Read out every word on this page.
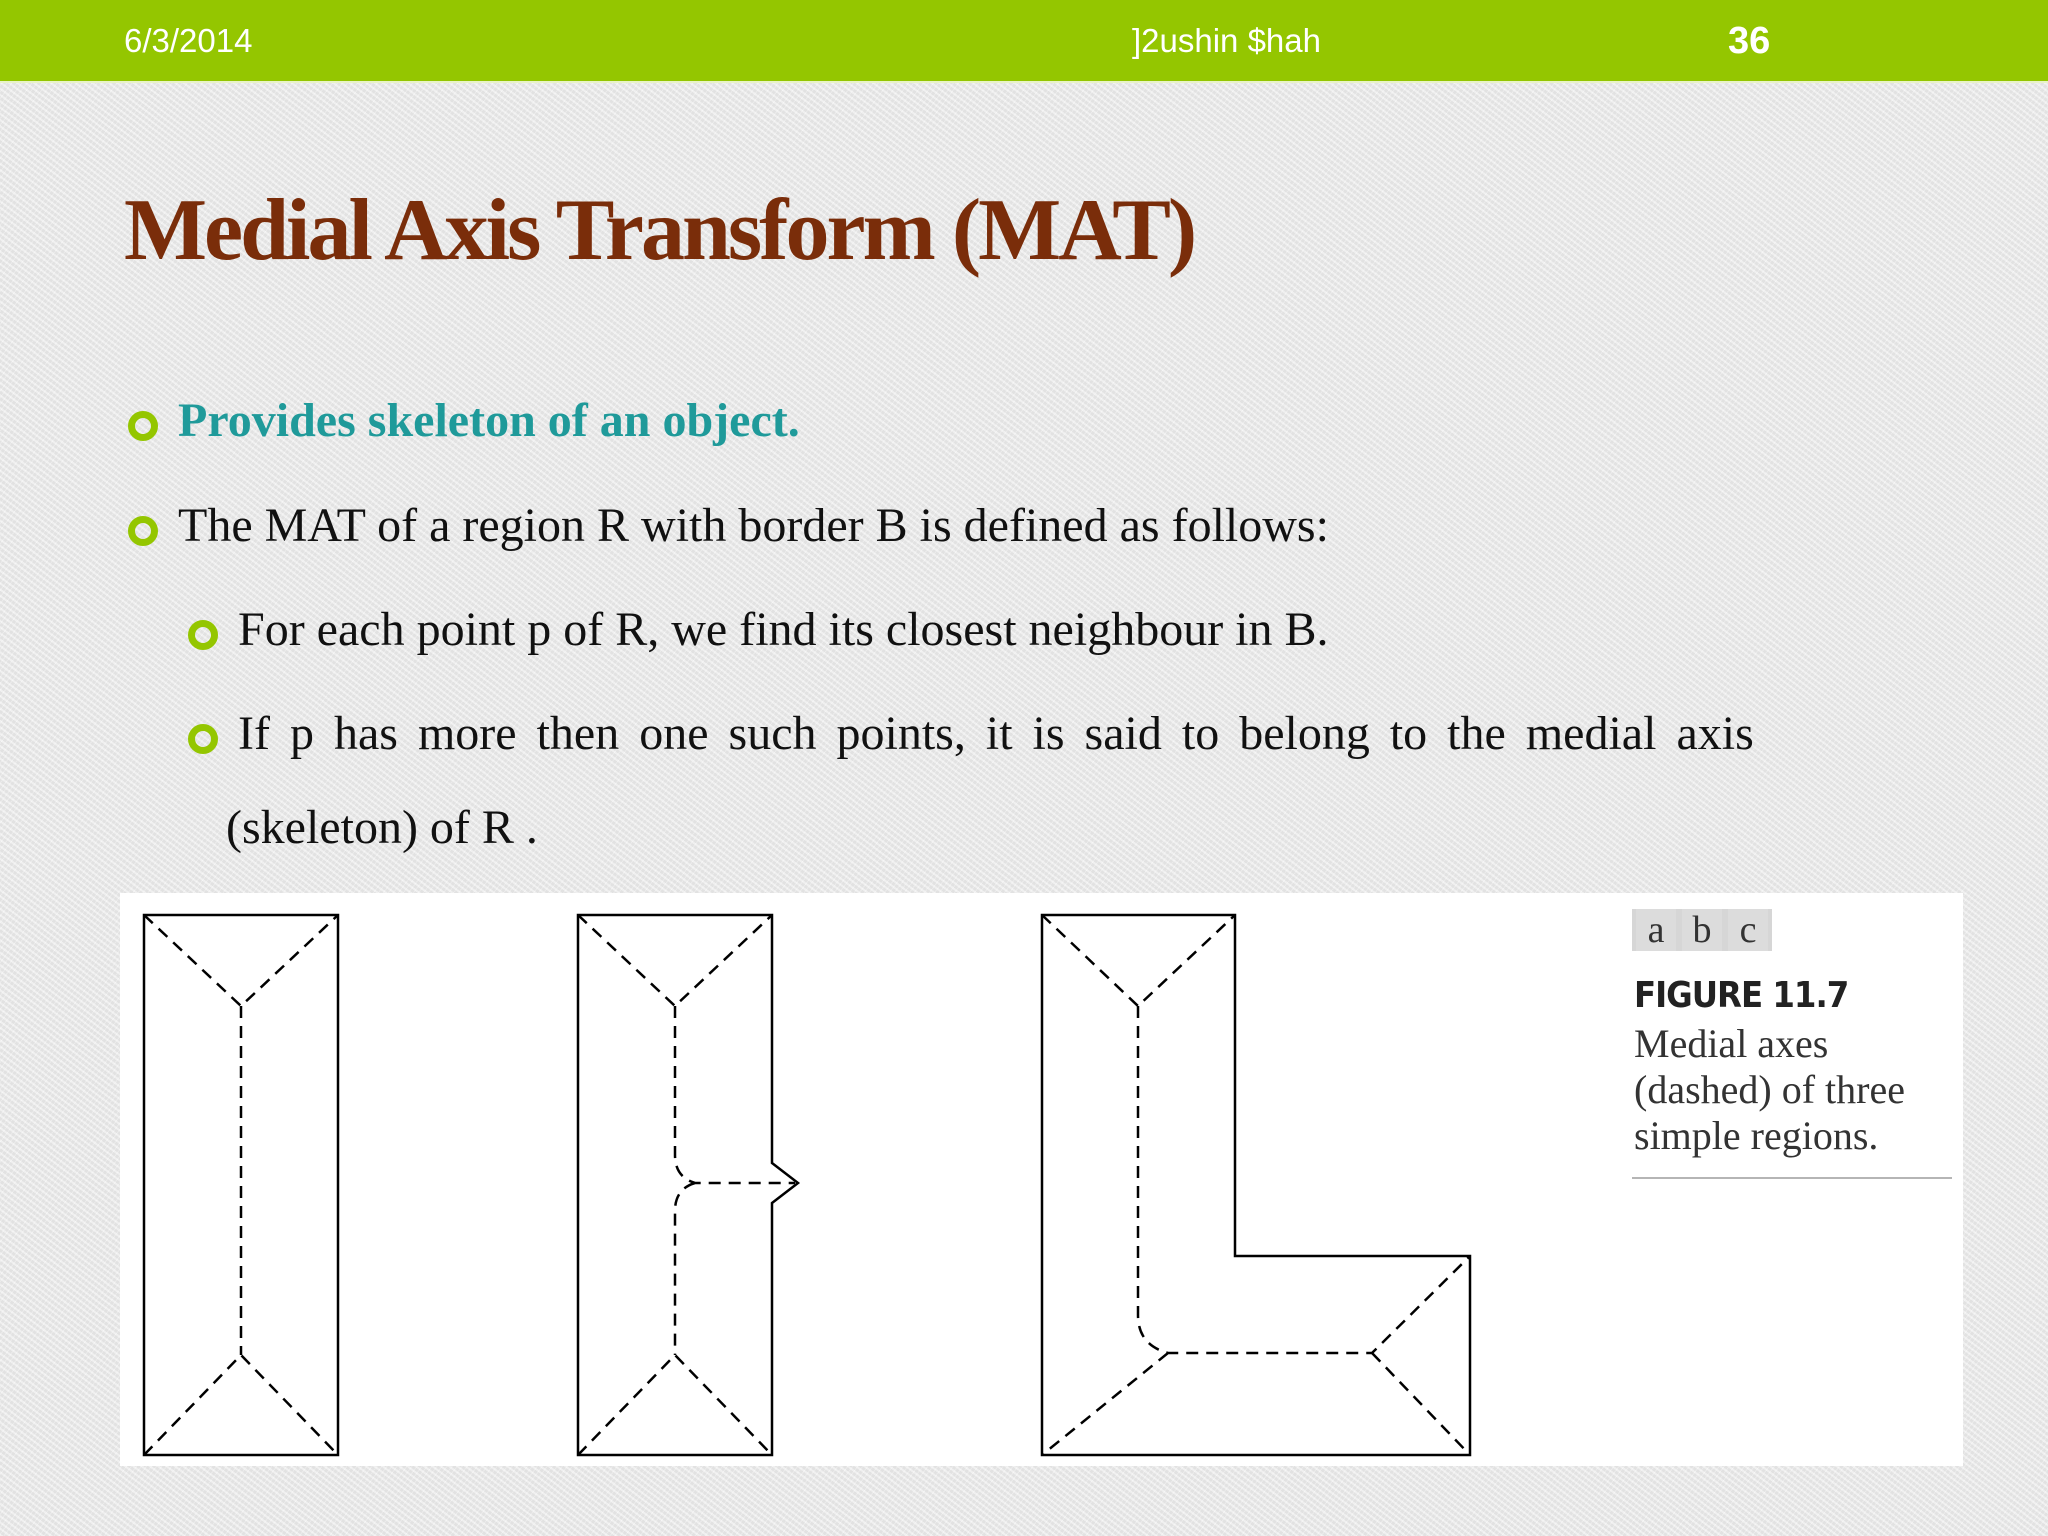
6/3/2014	]2ushin $hah	36
Medial Axis Transform (MAT)
Provides skeleton of an object.
The MAT of a region R with border B is defined as follows:
For each point p of R, we find its closest neighbour in B.
If p has more then one such points, it is said to belong to the medial axis
(skeleton) of R .
a b c
FIGURE 11.7
Medial axes (dashed) of three simple regions.
